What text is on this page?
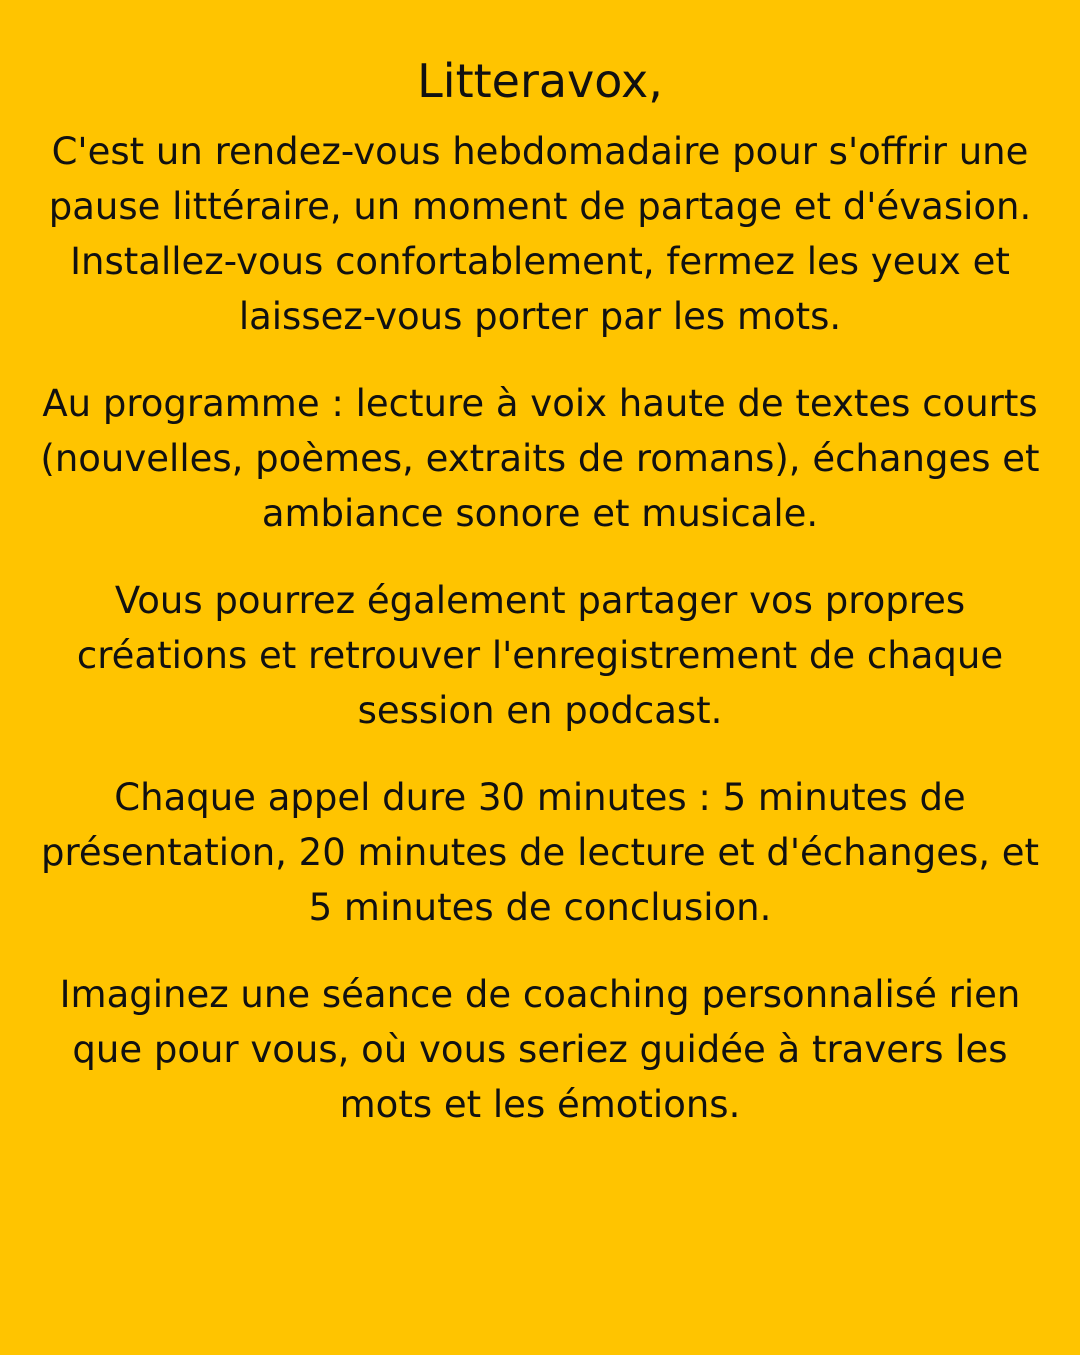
Litteravox,

C'est un rendez-vous hebdomadaire pour s'offrir une pause littéraire, un moment de partage et d'évasion. Installez-vous confortablement, fermez les yeux et laissez-vous porter par les mots.

Au programme : lecture à voix haute de textes courts (nouvelles, poèmes, extraits de romans), échanges et ambiance sonore et musicale.

Vous pourrez également partager vos propres créations et retrouver l'enregistrement de chaque session en podcast.

Chaque appel dure 30 minutes : 5 minutes de présentation, 20 minutes de lecture et d'échanges, et 5 minutes de conclusion.

Imaginez une séance de coaching personnalisé rien que pour vous, où vous seriez guidée à travers les mots et les émotions.
